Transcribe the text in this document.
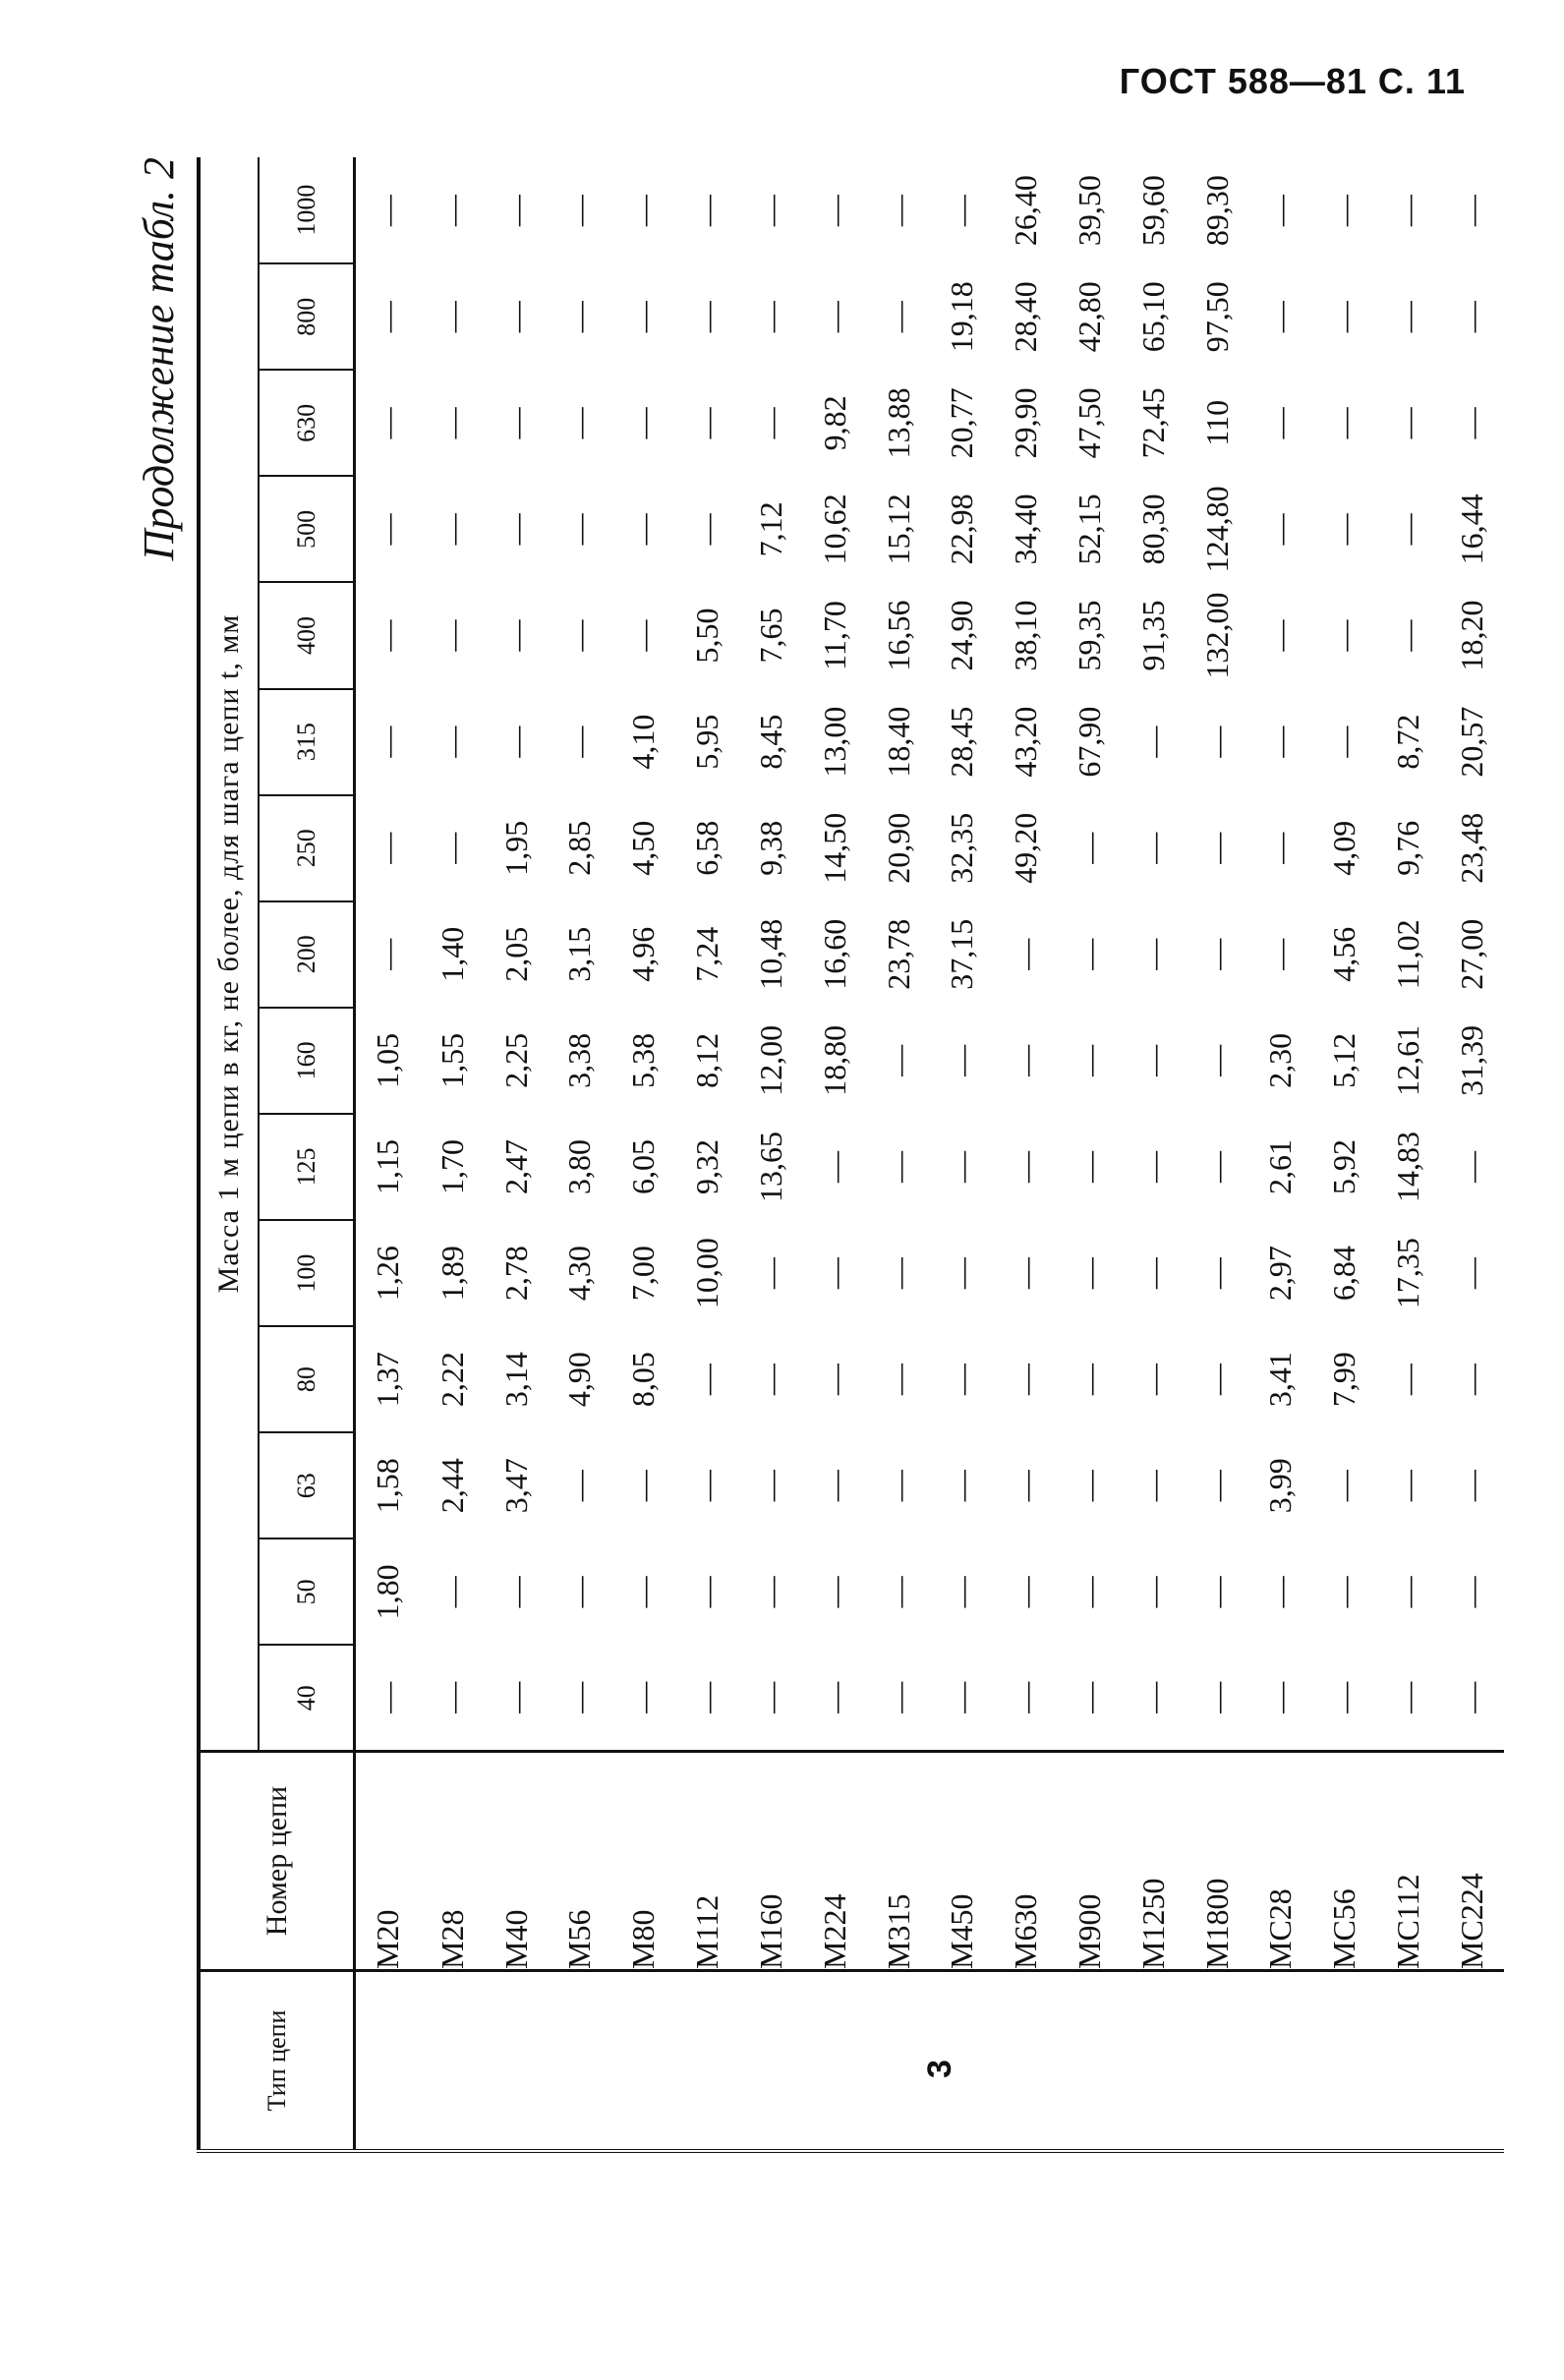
ГОСТ 588—81 С. 11
Продолжение табл. 2
Тип цепи	Номер цепи	Масса 1 м цепи в кг, не более, для шага цепи t, мм														
		40	50	63	80	100	125	160	200	250	315	400	500	630	800	1000

3	М20	—	1,80	1,58	1,37	1,26	1,15	1,05	—	—	—	—	—	—	—	—
	М28	—	—	2,44	2,22	1,89	1,70	1,55	1,40	—	—	—	—	—	—	—
	М40	—	—	3,47	3,14	2,78	2,47	2,25	2,05	1,95	—	—	—	—	—	—
	М56	—	—	—	4,90	4,30	3,80	3,38	3,15	2,85	—	—	—	—	—	—
	М80	—	—	—	8,05	7,00	6,05	5,38	4,96	4,50	4,10	—	—	—	—	—
	М112	—	—	—	—	10,00	9,32	8,12	7,24	6,58	5,95	5,50	—	—	—	—
	М160	—	—	—	—	—	13,65	12,00	10,48	9,38	8,45	7,65	7,12	—	—	—
	М224	—	—	—	—	—	—	18,80	16,60	14,50	13,00	11,70	10,62	9,82	—	—
	М315	—	—	—	—	—	—	—	23,78	20,90	18,40	16,56	15,12	13,88	—	—
	М450	—	—	—	—	—	—	—	37,15	32,35	28,45	24,90	22,98	20,77	19,18	—
	М630	—	—	—	—	—	—	—	—	49,20	43,20	38,10	34,40	29,90	28,40	26,40
	М900	—	—	—	—	—	—	—	—	—	67,90	59,35	52,15	47,50	42,80	39,50
	М1250	—	—	—	—	—	—	—	—	—	—	91,35	80,30	72,45	65,10	59,60
	М1800	—	—	—	—	—	—	—	—	—	—	132,00	124,80	110	97,50	89,30
	МС28	—	—	3,99	3,41	2,97	2,61	2,30	—	—	—	—	—	—	—	—
	МС56	—	—	—	7,99	6,84	5,92	5,12	4,56	4,09	—	—	—	—	—	—
	МС112	—	—	—	—	17,35	14,83	12,61	11,02	9,76	8,72	—	—	—	—	—
	МС224	—	—	—	—	—	—	31,39	27,00	23,48	20,57	18,20	16,44	—	—	—
